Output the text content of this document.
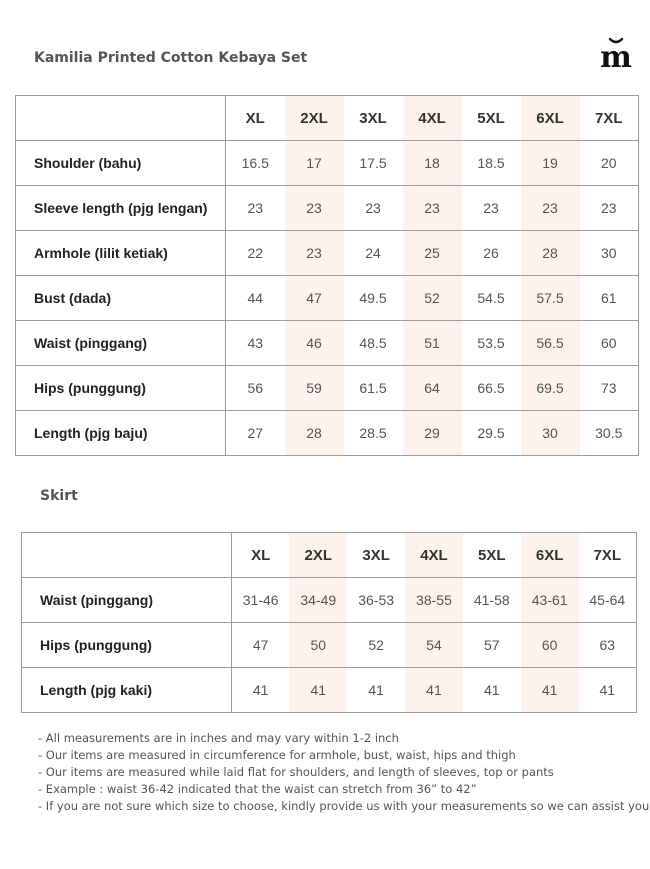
Kamilia Printed Cotton Kebaya Set	m
	XL	2XL	3XL	4XL	5XL	6XL	7XL
Shoulder (bahu)	16.5	17	17.5	18	18.5	19	20
Sleeve length (pjg lengan)	23	23	23	23	23	23	23
Armhole (lilit ketiak)	22	23	24	25	26	28	30
Bust (dada)	44	47	49.5	52	54.5	57.5	61
Waist (pinggang)	43	46	48.5	51	53.5	56.5	60
Hips (punggung)	56	59	61.5	64	66.5	69.5	73
Length (pjg baju)	27	28	28.5	29	29.5	30	30.5
Skirt
	XL	2XL	3XL	4XL	5XL	6XL	7XL
Waist (pinggang)	31-46	34-49	36-53	38-55	41-58	43-61	45-64
Hips (punggung)	47	50	52	54	57	60	63
Length (pjg kaki)	41	41	41	41	41	41	41
- All measurements are in inches and may vary within 1-2 inch
- Our items are measured in circumference for armhole, bust, waist, hips and thigh
- Our items are measured while laid flat for shoulders, and length of sleeves, top or pants
- Example : waist 36-42 indicated that the waist can stretch from 36” to 42”
- If you are not sure which size to choose, kindly provide us with your measurements so we can assist you
